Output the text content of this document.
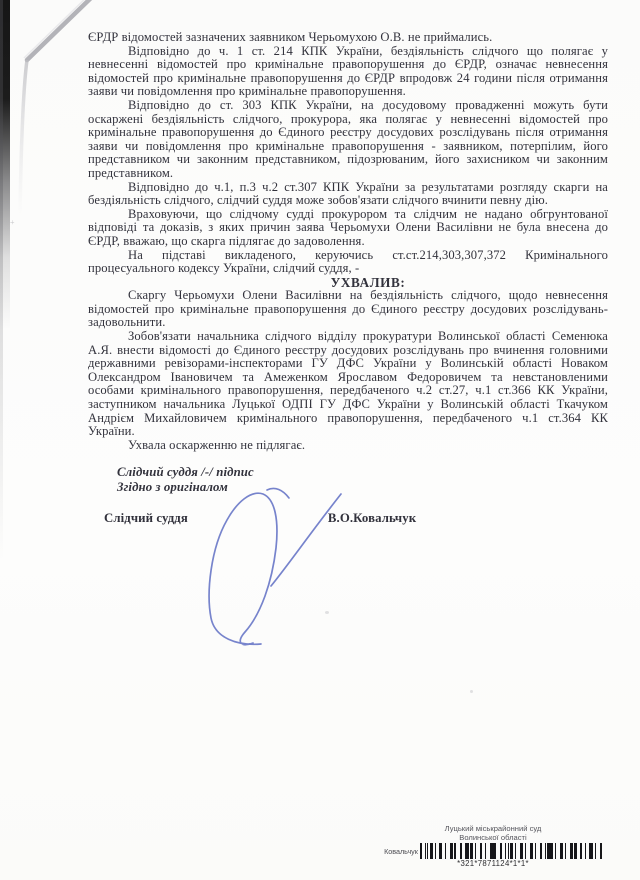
+

ЄРДР відомостей зазначених заявником Черьомухою О.В. не приймались.

Відповідно до ч. 1 ст. 214 КПК України, бездіяльність слідчого що полягає у невнесенні відомостей про кримінальне правопорушення до ЄРДР, означає невнесення відомостей про кримінальне правопорушення до ЄРДР впродовж 24 години після отримання заяви чи повідомлення про кримінальне правопорушення.

Відповідно до ст. 303 КПК України, на досудовому провадженні можуть бути оскаржені бездіяльність слідчого, прокурора, яка полягає у невнесенні відомостей про кримінальне правопорушення до Єдиного реєстру досудових розслідувань після отримання заяви чи повідомлення про кримінальне правопорушення - заявником, потерпілим, його представником чи законним представником, підозрюваним, його захисником чи законним представником.

Відповідно до ч.1, п.3 ч.2 ст.307 КПК України за результатами розгляду скарги на бездіяльність слідчого, слідчий суддя може зобов'язати слідчого вчинити певну дію.

Враховуючи, що слідчому судді прокурором та слідчим не надано обгрунтованої відповіді та доказів, з яких причин заява Черьомухи Олени Василівни не була внесена до ЄРДР, вважаю, що скарга підлягає до задоволення.

На підставі викладеного, керуючись ст.ст.214,303,307,372 Кримінального процесуального кодексу України, слідчий суддя, -

УХВАЛИВ:

Скаргу Черьомухи Олени Василівни на бездіяльність слідчого, щодо невнесення відомостей про кримінальне правопорушення до Єдиного реєстру досудових розслідувань- задовольнити.

Зобов'язати начальника слідчого відділу прокуратури Волинської області Семенюка А.Я. внести відомості до Єдиного реєстру досудових розслідувань про вчинення головними державними ревізорами-інспекторами ГУ ДФС України у Волинській області Новаком Олександром Івановичем та Амеженком Ярославом Федоровичем та невстановленими особами кримінального правопорушення, передбаченого ч.2 ст.27, ч.1 ст.366 КК України, заступником начальника Луцької ОДПІ ГУ ДФС України у Волинській області Ткачуком Андрієм Михайловичем кримінального правопорушення, передбаченого ч.1 ст.364 КК України.

Ухвала оскарженню не підлягає.

Слідчий суддя /-/ підпис
Згідно з оригіналом
Слідчий суддя	В.О.Ковальчук
Луцький міськрайонний суд
Волинської області
Ковальчук
*321*7871124*1*1*
